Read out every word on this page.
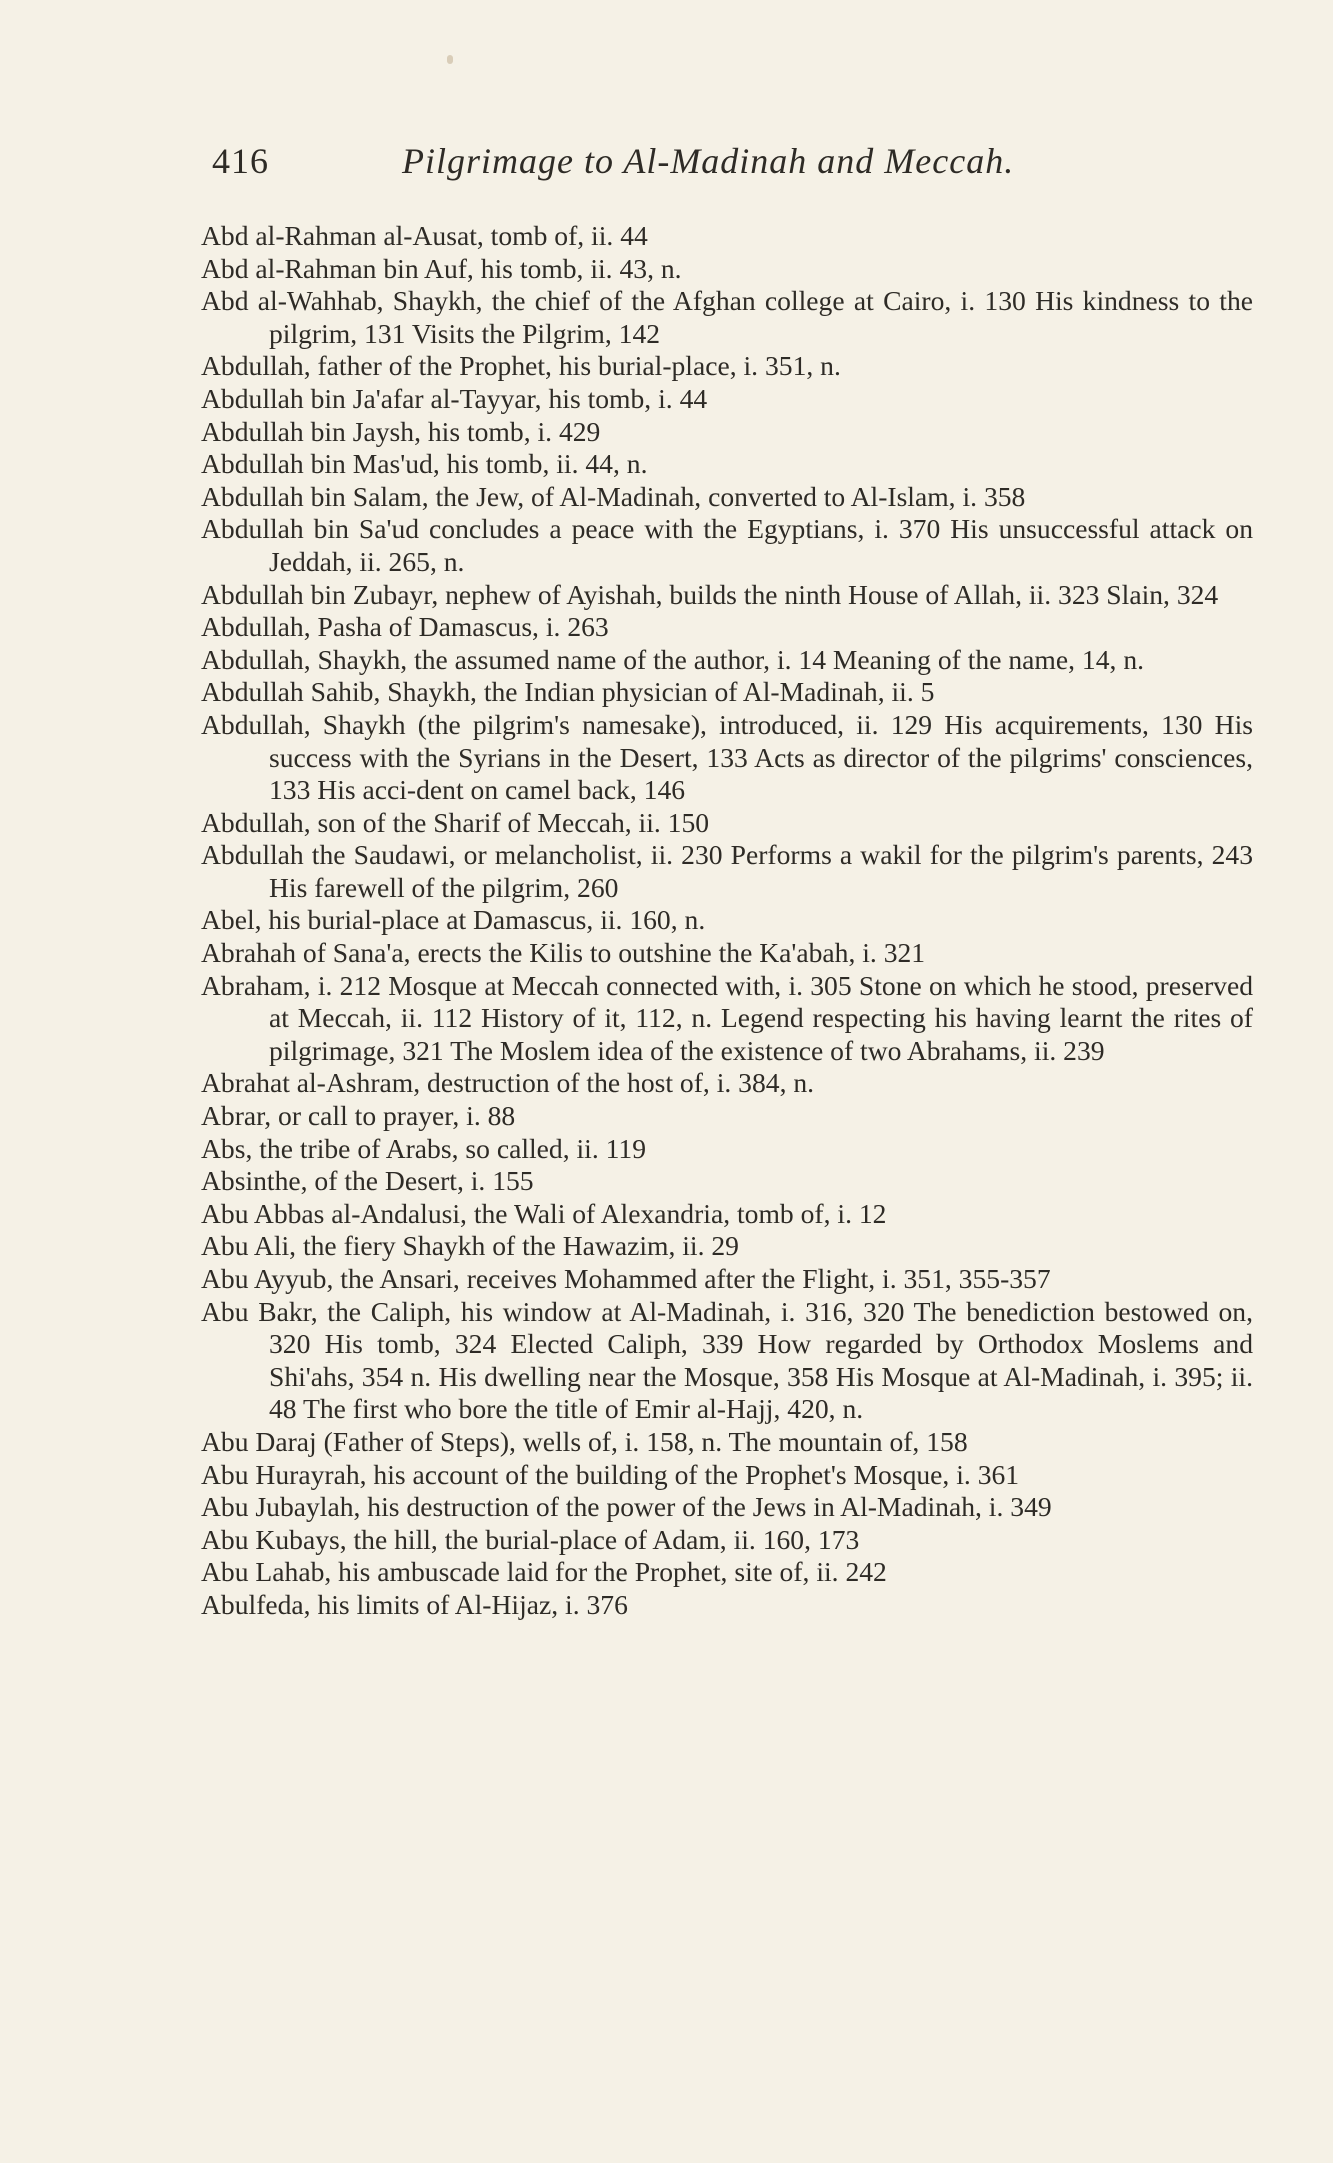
416	Pilgrimage to Al-Madinah and Meccah.

Abd al-Rahman al-Ausat, tomb of, ii. 44

Abd al-Rahman bin Auf, his tomb, ii. 43, n.

Abd al-Wahhab, Shaykh, the chief of the Afghan college at Cairo, i. 130 His kindness to the pilgrim, 131 Visits the Pilgrim, 142

Abdullah, father of the Prophet, his burial-place, i. 351, n.

Abdullah bin Ja'afar al-Tayyar, his tomb, i. 44

Abdullah bin Jaysh, his tomb, i. 429

Abdullah bin Mas'ud, his tomb, ii. 44, n.

Abdullah bin Salam, the Jew, of Al-Madinah, converted to Al-Islam, i. 358

Abdullah bin Sa'ud concludes a peace with the Egyptians, i. 370 His unsuccessful attack on Jeddah, ii. 265, n.

Abdullah bin Zubayr, nephew of Ayishah, builds the ninth House of Allah, ii. 323 Slain, 324

Abdullah, Pasha of Damascus, i. 263

Abdullah, Shaykh, the assumed name of the author, i. 14 Meaning of the name, 14, n.

Abdullah Sahib, Shaykh, the Indian physician of Al-Madinah, ii. 5

Abdullah, Shaykh (the pilgrim's namesake), introduced, ii. 129 His acquirements, 130 His success with the Syrians in the Desert, 133 Acts as director of the pilgrims' consciences, 133 His acci-dent on camel back, 146

Abdullah, son of the Sharif of Meccah, ii. 150

Abdullah the Saudawi, or melancholist, ii. 230 Performs a wakil for the pilgrim's parents, 243 His farewell of the pilgrim, 260

Abel, his burial-place at Damascus, ii. 160, n.

Abrahah of Sana'a, erects the Kilis to outshine the Ka'abah, i. 321

Abraham, i. 212 Mosque at Meccah connected with, i. 305 Stone on which he stood, preserved at Meccah, ii. 112 History of it, 112, n. Legend respecting his having learnt the rites of pilgrimage, 321 The Moslem idea of the existence of two Abrahams, ii. 239

Abrahat al-Ashram, destruction of the host of, i. 384, n.

Abrar, or call to prayer, i. 88

Abs, the tribe of Arabs, so called, ii. 119

Absinthe, of the Desert, i. 155

Abu Abbas al-Andalusi, the Wali of Alexandria, tomb of, i. 12

Abu Ali, the fiery Shaykh of the Hawazim, ii. 29

Abu Ayyub, the Ansari, receives Mohammed after the Flight, i. 351, 355-357

Abu Bakr, the Caliph, his window at Al-Madinah, i. 316, 320 The benediction bestowed on, 320 His tomb, 324 Elected Caliph, 339 How regarded by Orthodox Moslems and Shi'ahs, 354 n. His dwelling near the Mosque, 358 His Mosque at Al-Madinah, i. 395; ii. 48 The first who bore the title of Emir al-Hajj, 420, n.

Abu Daraj (Father of Steps), wells of, i. 158, n. The mountain of, 158

Abu Hurayrah, his account of the building of the Prophet's Mosque, i. 361

Abu Jubaylah, his destruction of the power of the Jews in Al-Madinah, i. 349

Abu Kubays, the hill, the burial-place of Adam, ii. 160, 173

Abu Lahab, his ambuscade laid for the Prophet, site of, ii. 242

Abulfeda, his limits of Al-Hijaz, i. 376
